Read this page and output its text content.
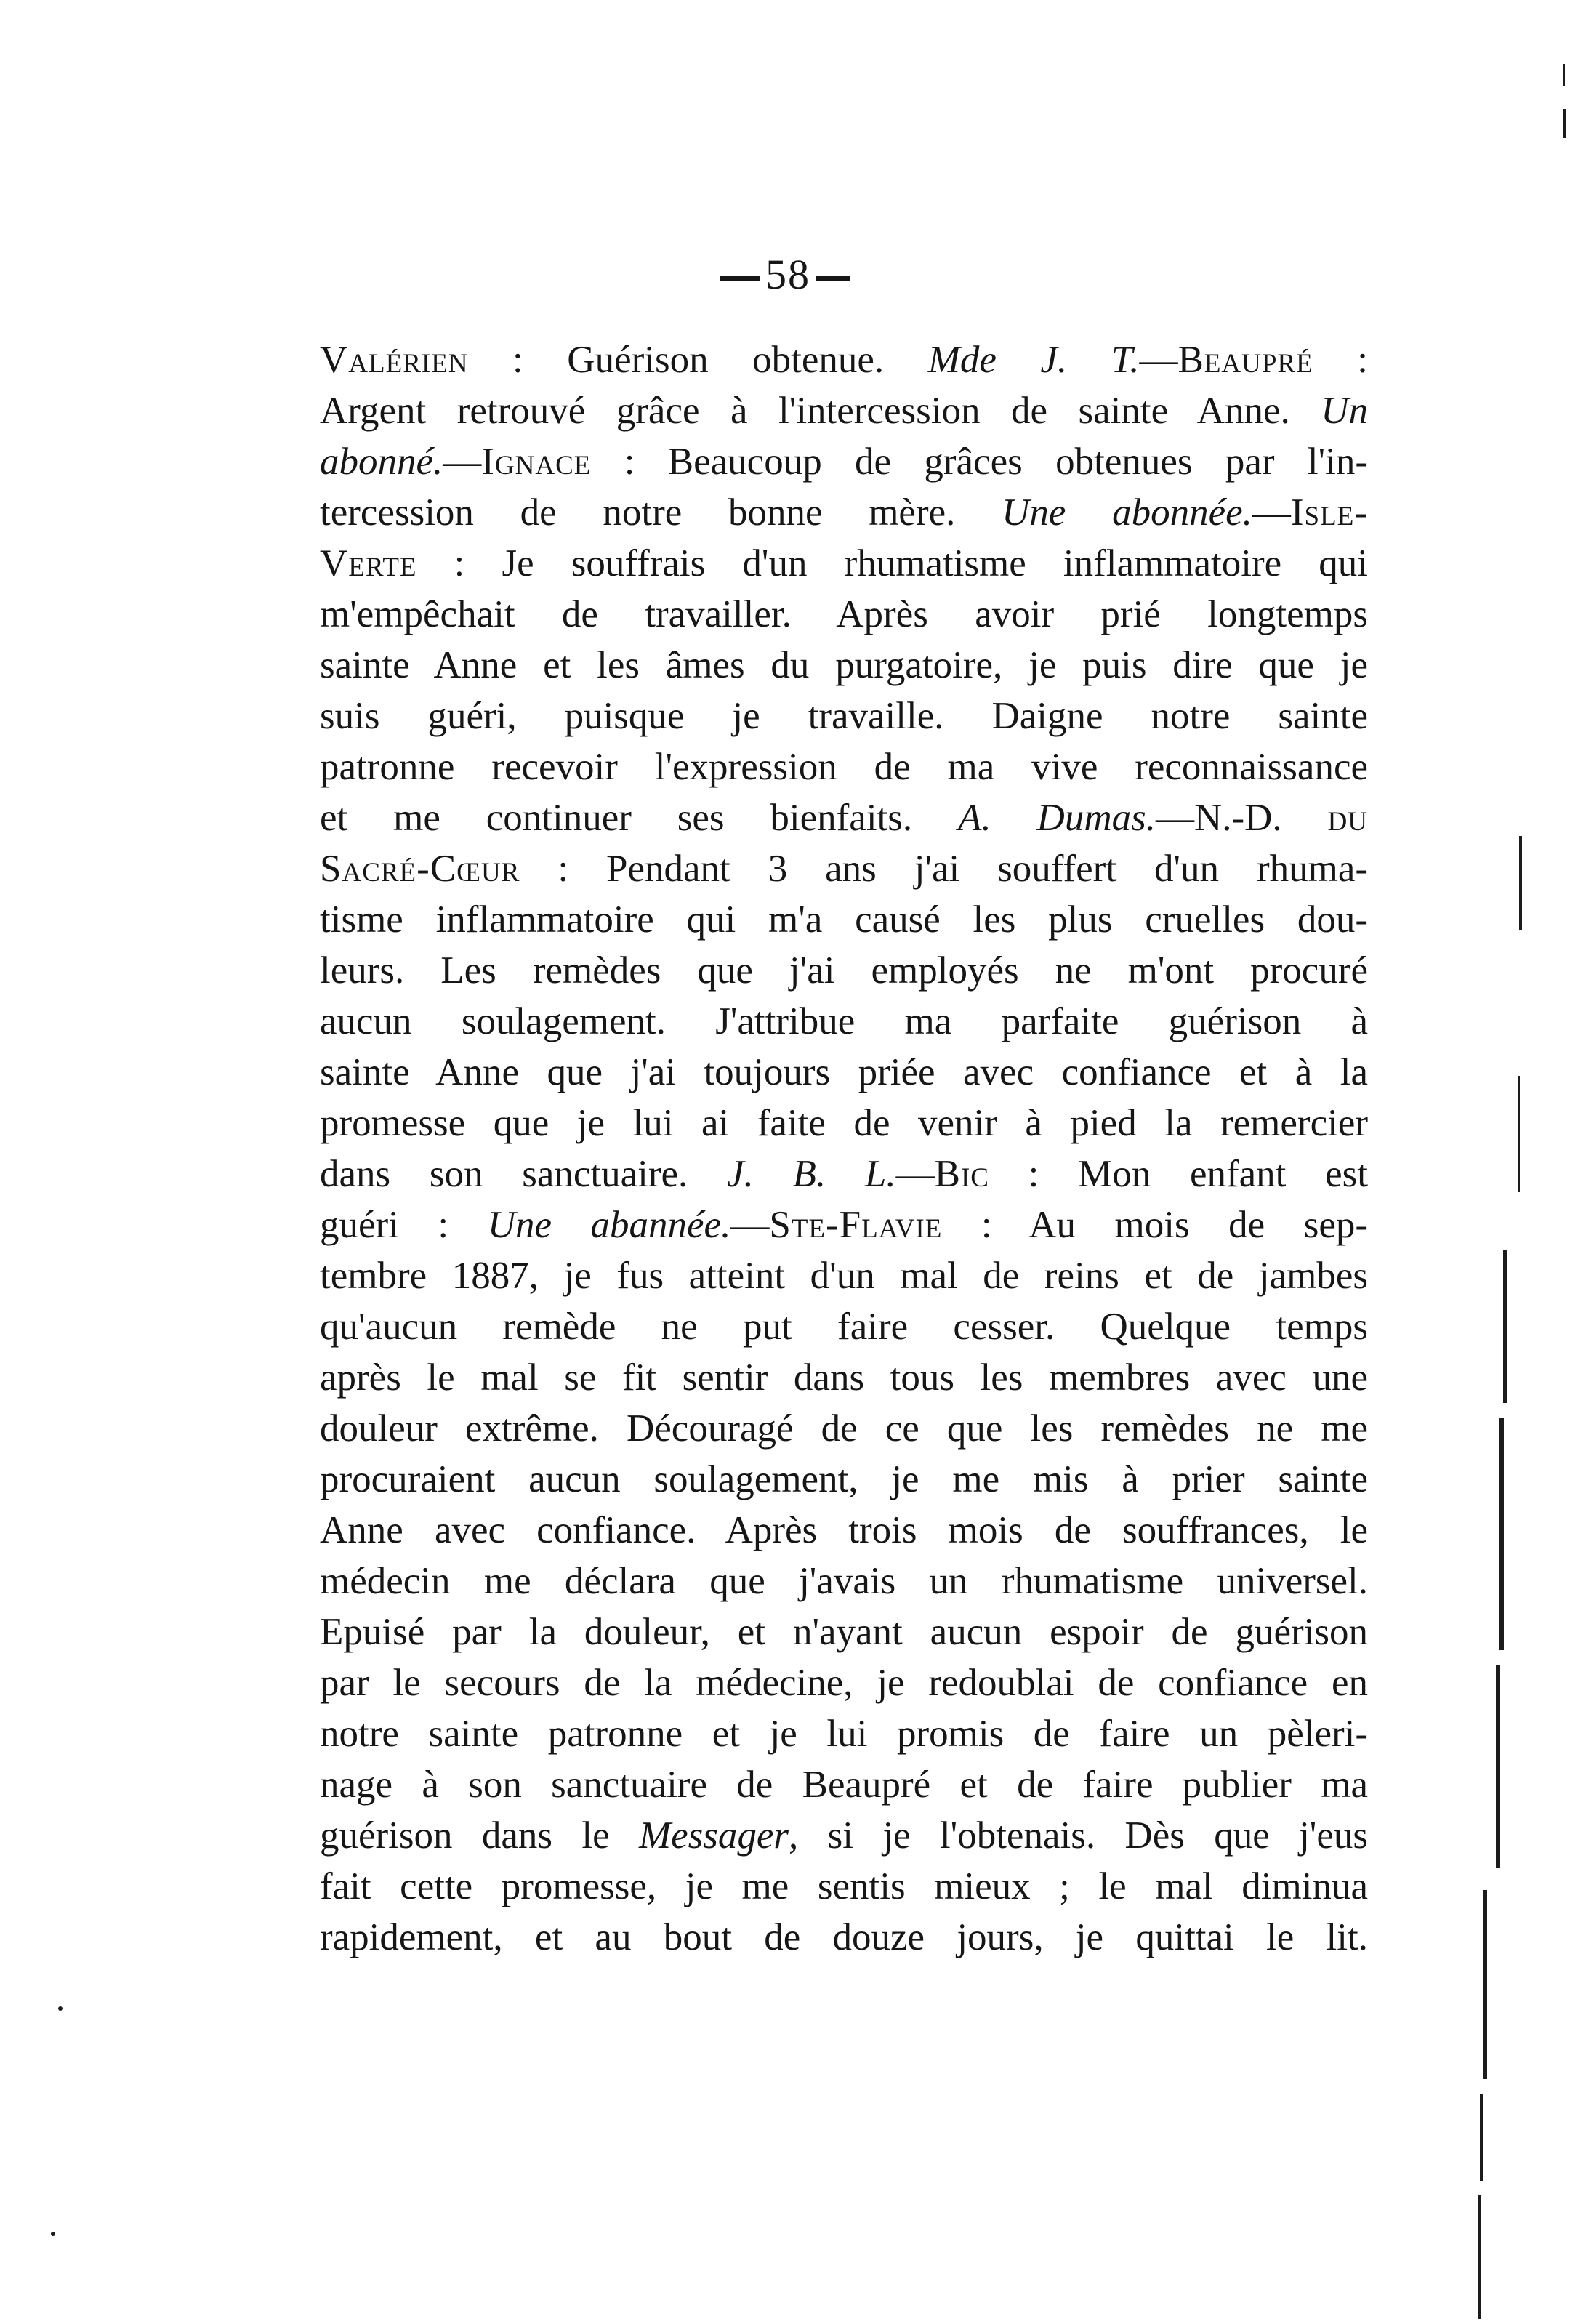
58
Valérien : Guérison obtenue. Mde J. T.—Beaupré :
Argent retrouvé grâce à l'intercession de sainte Anne. Un
abonné.—Ignace : Beaucoup de grâces obtenues par l'in-
tercession de notre bonne mère. Une abonnée.—Isle-
Verte : Je souffrais d'un rhumatisme inflammatoire qui
m'empêchait de travailler. Après avoir prié longtemps
sainte Anne et les âmes du purgatoire, je puis dire que je
suis guéri, puisque je travaille. Daigne notre sainte
patronne recevoir l'expression de ma vive reconnaissance
et me continuer ses bienfaits. A. Dumas.—N.-D. du
Sacré-Cœur : Pendant 3 ans j'ai souffert d'un rhuma-
tisme inflammatoire qui m'a causé les plus cruelles dou-
leurs. Les remèdes que j'ai employés ne m'ont procuré
aucun soulagement. J'attribue ma parfaite guérison à
sainte Anne que j'ai toujours priée avec confiance et à la
promesse que je lui ai faite de venir à pied la remercier
dans son sanctuaire. J. B. L.—Bic : Mon enfant est
guéri : Une abannée.—Ste-Flavie : Au mois de sep-
tembre 1887, je fus atteint d'un mal de reins et de jambes
qu'aucun remède ne put faire cesser. Quelque temps
après le mal se fit sentir dans tous les membres avec une
douleur extrême. Découragé de ce que les remèdes ne me
procuraient aucun soulagement, je me mis à prier sainte
Anne avec confiance. Après trois mois de souffrances, le
médecin me déclara que j'avais un rhumatisme universel.
Epuisé par la douleur, et n'ayant aucun espoir de guérison
par le secours de la médecine, je redoublai de confiance en
notre sainte patronne et je lui promis de faire un pèleri-
nage à son sanctuaire de Beaupré et de faire publier ma
guérison dans le Messager, si je l'obtenais. Dès que j'eus
fait cette promesse, je me sentis mieux ; le mal diminua
rapidement, et au bout de douze jours, je quittai le lit.
